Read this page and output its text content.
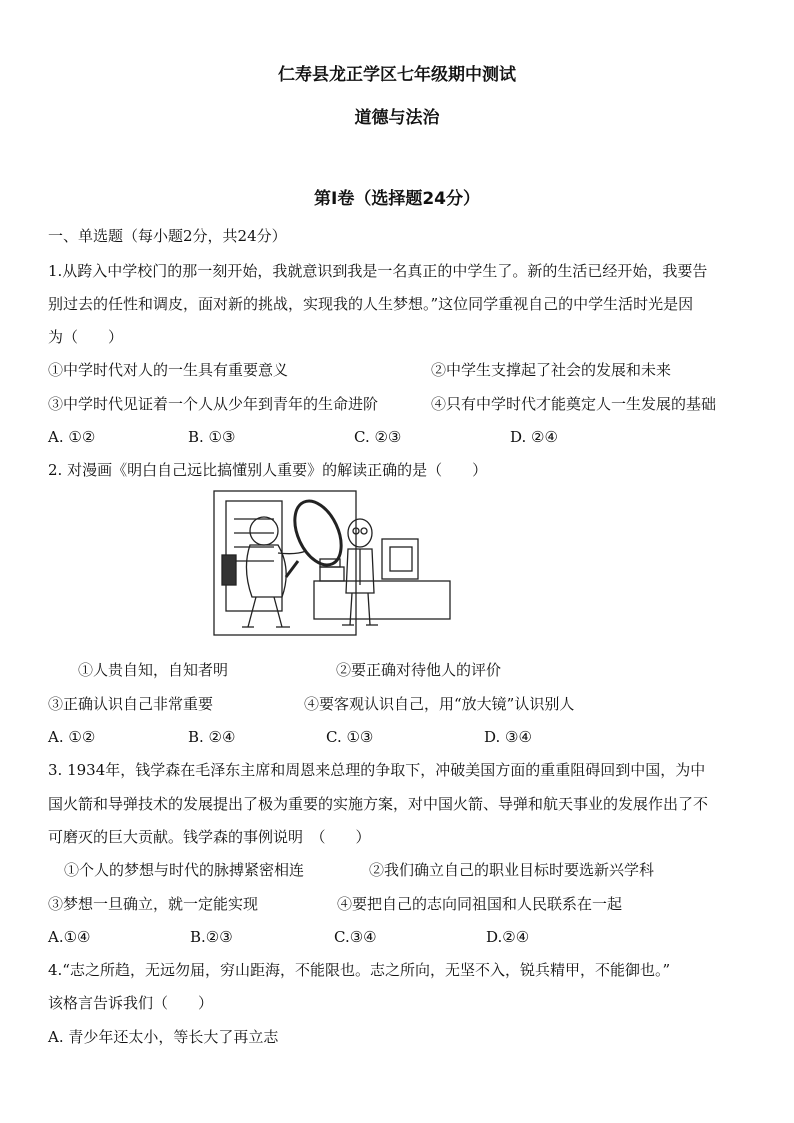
仁寿县龙正学区七年级期中测试
道德与法治
第Ⅰ卷（选择题24分）
一、单选题（每小题2分，共24分）
1.从跨入中学校门的那一刻开始，我就意识到我是一名真正的中学生了。新的生活已经开始，我要告
别过去的任性和调皮，面对新的挑战，实现我的人生梦想。”这位同学重视自己的中学生活时光是因
为（　　）
①中学时代对人的一生具有重要意义	②中学生支撑起了社会的发展和未来
③中学时代见证着一个人从少年到青年的生命进阶	④只有中学时代才能奠定人一生发展的基础
A. ①②	B. ①③	C. ②③	D. ②④
2. 对漫画《明白自己远比搞懂别人重要》的解读正确的是（　　）
①人贵自知，自知者明	②要正确对待他人的评价
③正确认识自己非常重要	④要客观认识自己，用“放大镜”认识别人
A. ①②	B. ②④	C. ①③	D. ③④
3. 1934年，钱学森在毛泽东主席和周恩来总理的争取下，冲破美国方面的重重阻碍回到中国，为中
国火箭和导弹技术的发展提出了极为重要的实施方案，对中国火箭、导弹和航天事业的发展作出了不
可磨灭的巨大贡献。钱学森的事例说明　（　　）
①个人的梦想与时代的脉搏紧密相连	②我们确立自己的职业目标时要选新兴学科
③梦想一旦确立，就一定能实现	④要把自己的志向同祖国和人民联系在一起
A.①④	B.②③	C.③④	D.②④
4.“志之所趋，无远勿届，穷山距海，不能限也。志之所向，无坚不入，锐兵精甲，不能御也。”
该格言告诉我们（　　）
A. 青少年还太小，等长大了再立志
